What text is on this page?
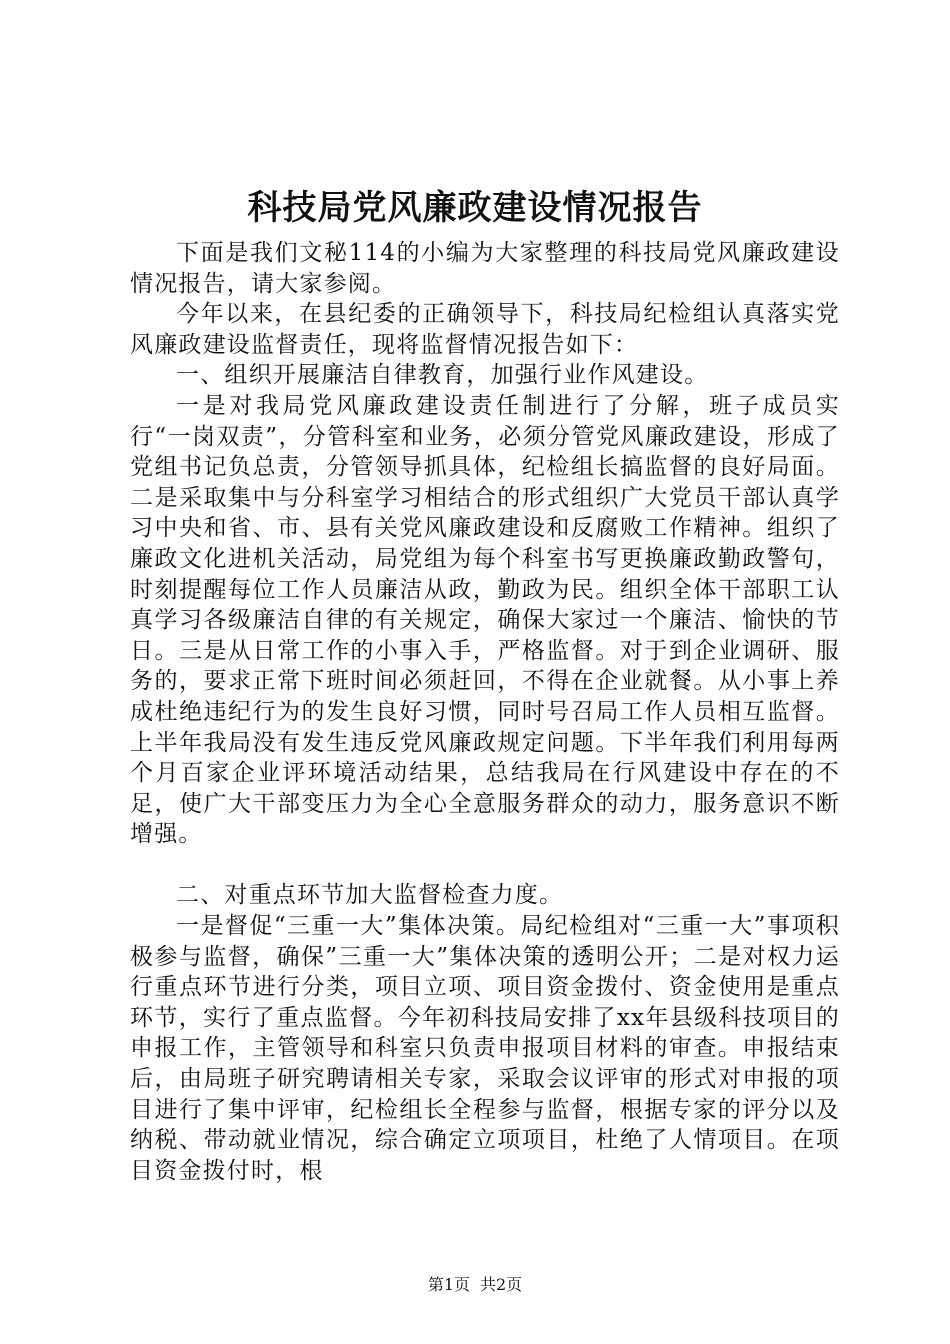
科技局党风廉政建设情况报告

下面是我们文秘114的小编为大家整理的科技局党风廉政建设情况报告，请大家参阅。

今年以来，在县纪委的正确领导下，科技局纪检组认真落实党风廉政建设监督责任，现将监督情况报告如下：

一、组织开展廉洁自律教育，加强行业作风建设。

一是对我局党风廉政建设责任制进行了分解，班子成员实行“一岗双责”，分管科室和业务，必须分管党风廉政建设，形成了党组书记负总责，分管领导抓具体，纪检组长搞监督的良好局面。二是采取集中与分科室学习相结合的形式组织广大党员干部认真学习中央和省、市、县有关党风廉政建设和反腐败工作精神。组织了廉政文化进机关活动，局党组为每个科室书写更换廉政勤政警句，时刻提醒每位工作人员廉洁从政，勤政为民。组织全体干部职工认真学习各级廉洁自律的有关规定，确保大家过一个廉洁、愉快的节日。三是从日常工作的小事入手，严格监督。对于到企业调研、服务的，要求正常下班时间必须赶回，不得在企业就餐。从小事上养成杜绝违纪行为的发生良好习惯，同时号召局工作人员相互监督。上半年我局没有发生违反党风廉政规定问题。下半年我们利用每两个月百家企业评环境活动结果，总结我局在行风建设中存在的不足，使广大干部变压力为全心全意服务群众的动力，服务意识不断增强。

二、对重点环节加大监督检查力度。

一是督促“三重一大”集体决策。局纪检组对“三重一大”事项积极参与监督，确保”三重一大”集体决策的透明公开；二是对权力运行重点环节进行分类，项目立项、项目资金拨付、资金使用是重点环节，实行了重点监督。今年初科技局安排了xx年县级科技项目的申报工作，主管领导和科室只负责申报项目材料的审查。申报结束后，由局班子研究聘请相关专家，采取会议评审的形式对申报的项目进行了集中评审，纪检组长全程参与监督，根据专家的评分以及纳税、带动就业情况，综合确定立项项目，杜绝了人情项目。在项目资金拨付时，根

第1页 共2页
